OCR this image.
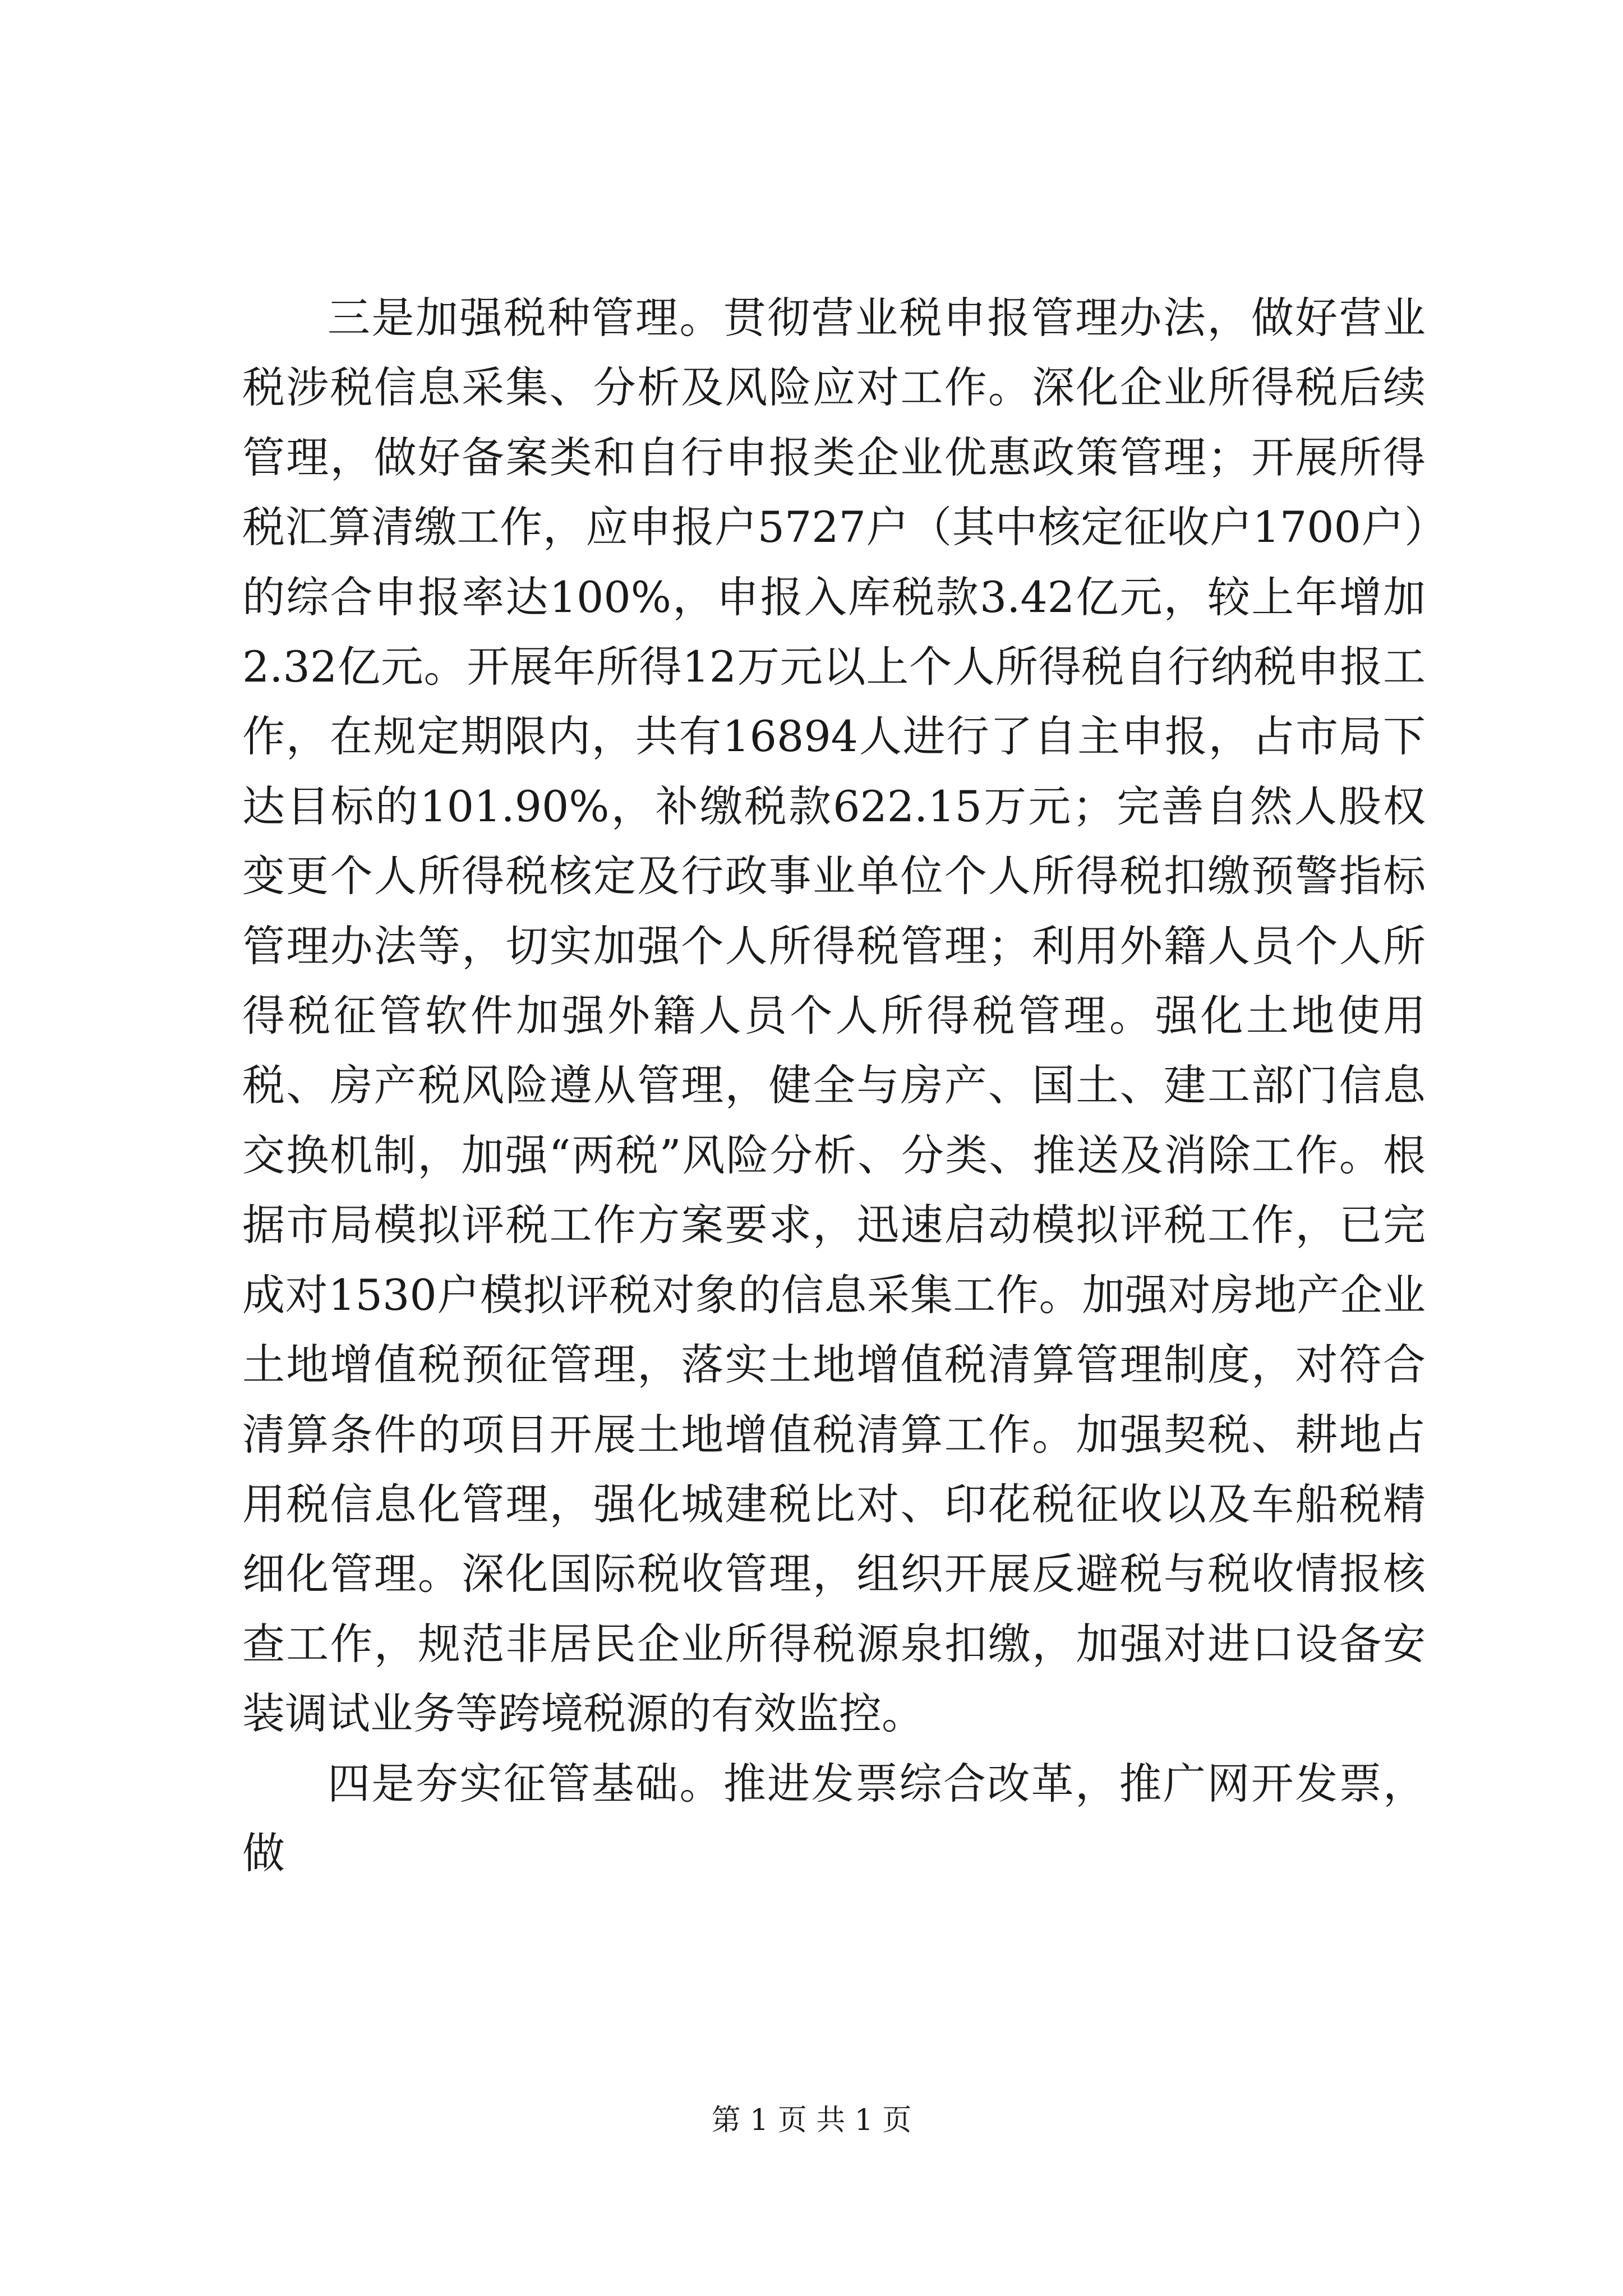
三是加强税种管理。贯彻营业税申报管理办法，做好营业税涉税信息采集、分析及风险应对工作。深化企业所得税后续管理，做好备案类和自行申报类企业优惠政策管理；开展所得税汇算清缴工作，应申报户5727户（其中核定征收户1700户）的综合申报率达100%，申报入库税款3.42亿元，较上年增加2.32亿元。开展年所得12万元以上个人所得税自行纳税申报工作，在规定期限内，共有16894人进行了自主申报，占市局下达目标的101.90%，补缴税款622.15万元；完善自然人股权变更个人所得税核定及行政事业单位个人所得税扣缴预警指标管理办法等，切实加强个人所得税管理；利用外籍人员个人所得税征管软件加强外籍人员个人所得税管理。强化土地使用税、房产税风险遵从管理，健全与房产、国土、建工部门信息交换机制，加强“两税”风险分析、分类、推送及消除工作。根据市局模拟评税工作方案要求，迅速启动模拟评税工作，已完成对1530户模拟评税对象的信息采集工作。加强对房地产企业土地增值税预征管理，落实土地增值税清算管理制度，对符合清算条件的项目开展土地增值税清算工作。加强契税、耕地占用税信息化管理，强化城建税比对、印花税征收以及车船税精细化管理。深化国际税收管理，组织开展反避税与税收情报核查工作，规范非居民企业所得税源泉扣缴，加强对进口设备安装调试业务等跨境税源的有效监控。

四是夯实征管基础。推进发票综合改革，推广网开发票，做

第 1 页 共 1 页
